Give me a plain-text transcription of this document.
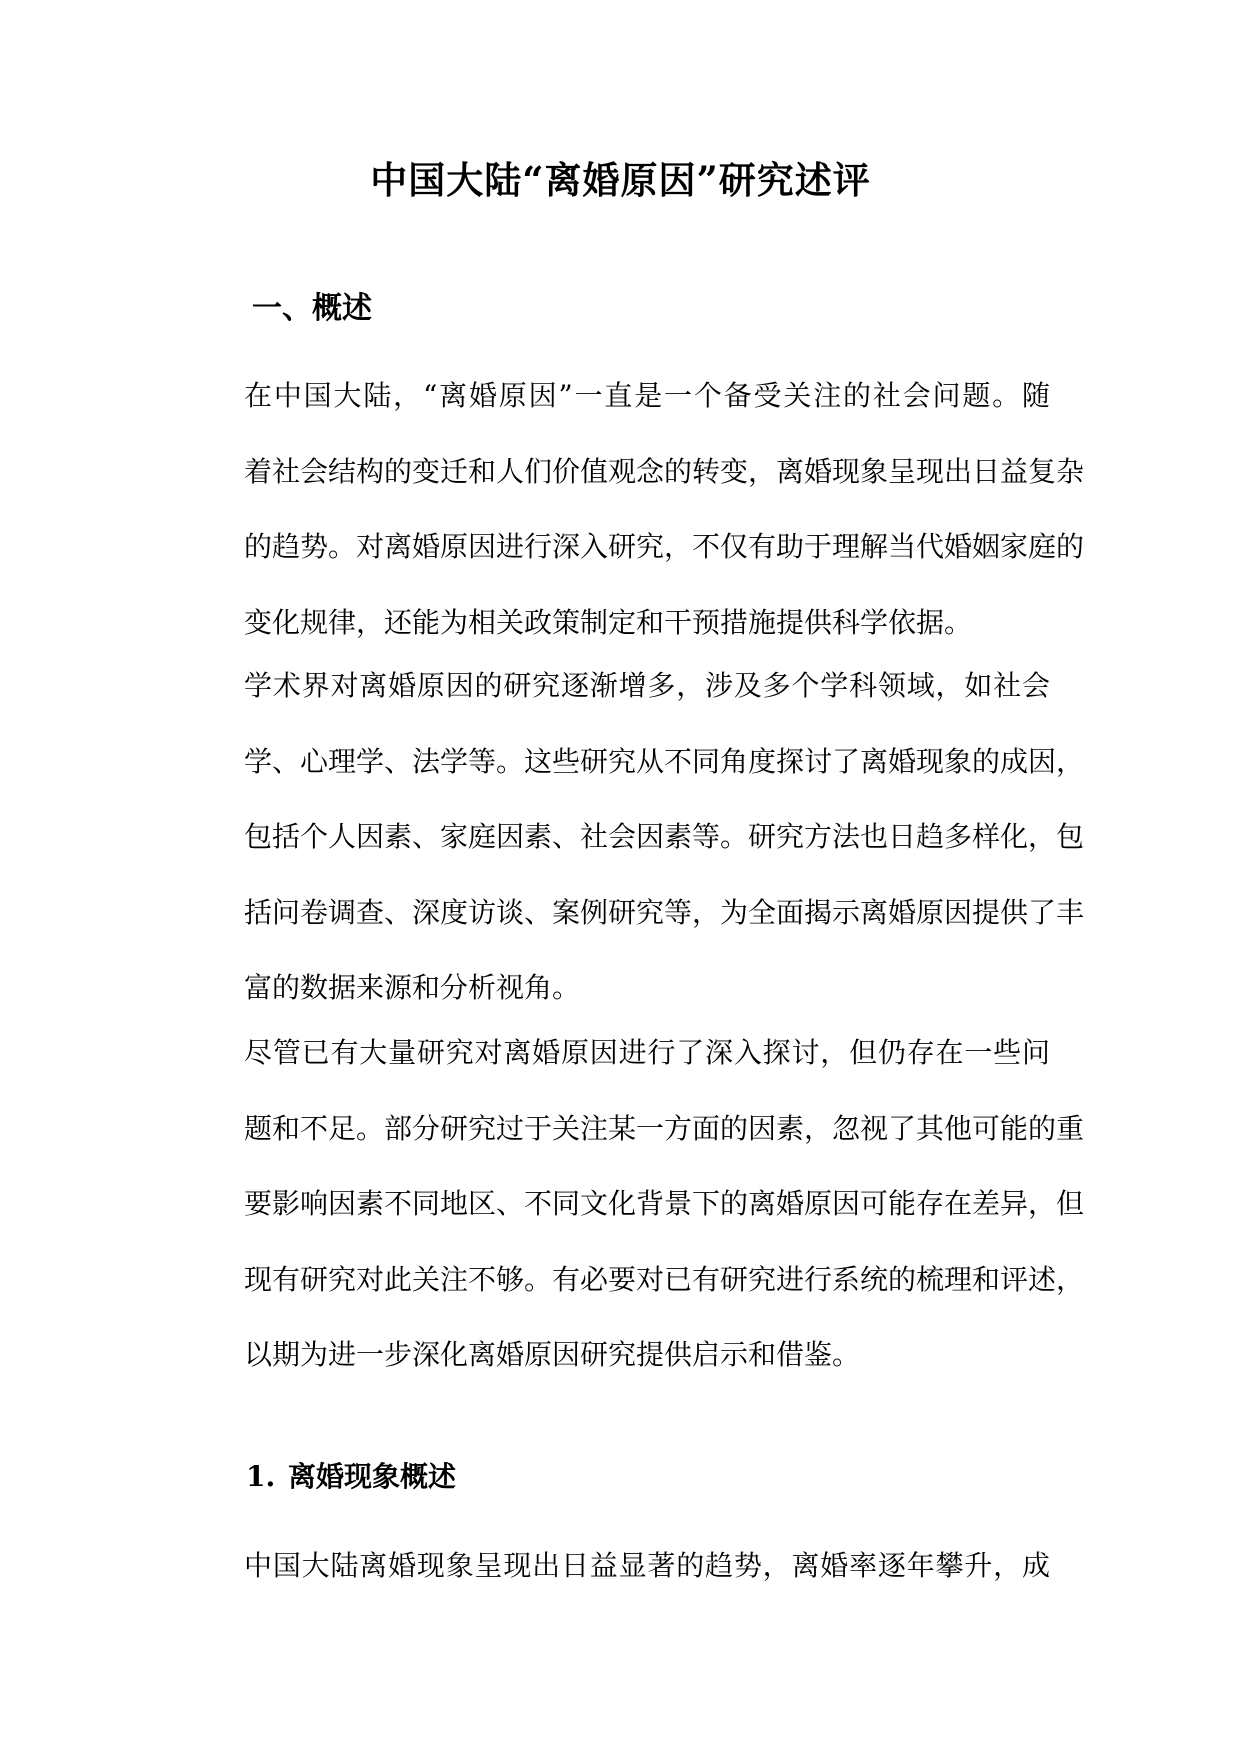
中国大陆“离婚原因”研究述评
一、概述
在中国大陆，“离婚原因”一直是一个备受关注的社会问题。随
着社会结构的变迁和人们价值观念的转变，离婚现象呈现出日益复杂
的趋势。对离婚原因进行深入研究，不仅有助于理解当代婚姻家庭的
变化规律，还能为相关政策制定和干预措施提供科学依据。
学术界对离婚原因的研究逐渐增多，涉及多个学科领域，如社会
学、心理学、法学等。这些研究从不同角度探讨了离婚现象的成因，
包括个人因素、家庭因素、社会因素等。研究方法也日趋多样化，包
括问卷调查、深度访谈、案例研究等，为全面揭示离婚原因提供了丰
富的数据来源和分析视角。
尽管已有大量研究对离婚原因进行了深入探讨，但仍存在一些问
题和不足。部分研究过于关注某一方面的因素，忽视了其他可能的重
要影响因素不同地区、不同文化背景下的离婚原因可能存在差异，但
现有研究对此关注不够。有必要对已有研究进行系统的梳理和评述，
以期为进一步深化离婚原因研究提供启示和借鉴。
1. 离婚现象概述
中国大陆离婚现象呈现出日益显著的趋势，离婚率逐年攀升，成
